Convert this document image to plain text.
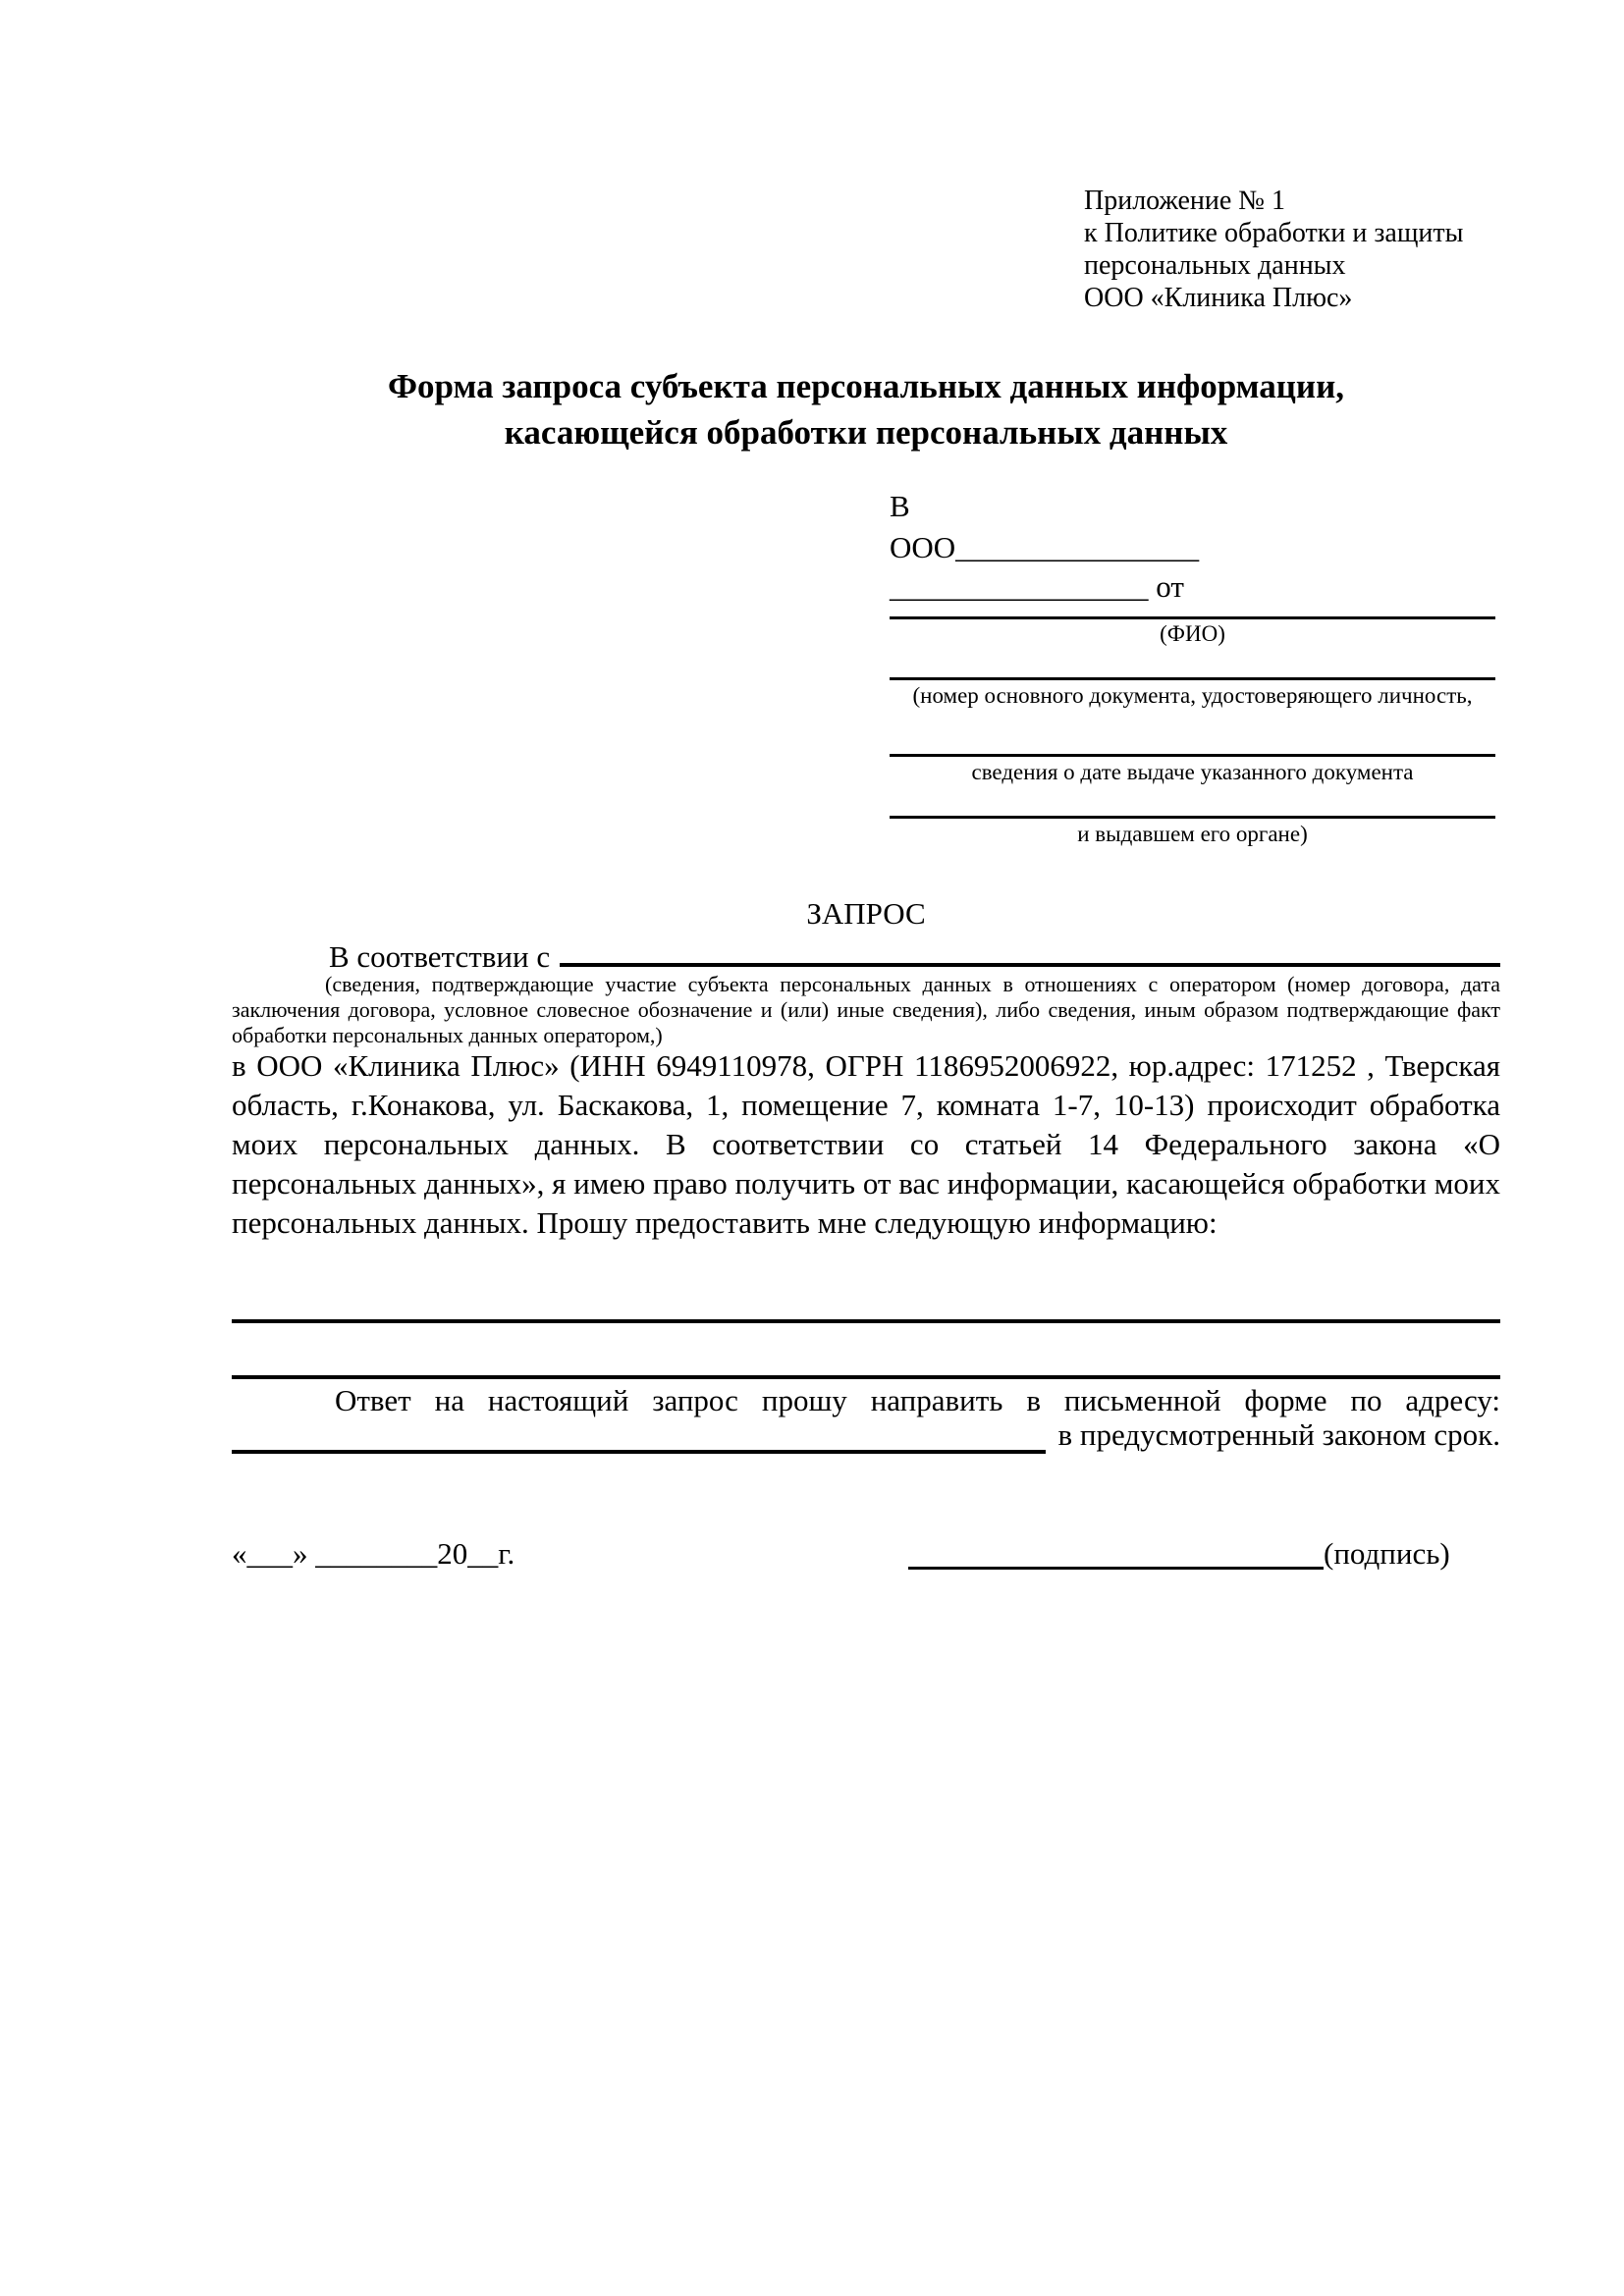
Приложение № 1
к Политике обработки и защиты
персональных данных
ООО «Клиника Плюс»
Форма запроса субъекта персональных данных информации,
касающейся обработки персональных данных
В
ООО________________
_________________ от
(ФИО)
(номер основного документа, удостоверяющего личность,
сведения о дате выдаче указанного документа
и выдавшем его органе)
ЗАПРОС
В соответствии с
(сведения, подтверждающие участие субъекта персональных данных в отношениях с оператором (номер договора, дата заключения договора, условное словесное обозначение и (или) иные сведения), либо сведения, иным образом подтверждающие факт обработки персональных данных оператором,)
в ООО «Клиника Плюс» (ИНН 6949110978, ОГРН 1186952006922, юр.адрес: 171252 , Тверская область, г.Конакова, ул. Баскакова, 1, помещение 7, комната 1-7, 10-13) происходит обработка моих персональных данных. В соответствии со статьей 14 Федерального закона «О персональных данных», я имею право получить от вас информации, касающейся обработки моих персональных данных. Прошу предоставить мне следующую информацию:
Ответ на настоящий запрос прошу направить в письменной форме по адресу:
в предусмотренный законом срок.
«___» ________20__г.	(подпись)
